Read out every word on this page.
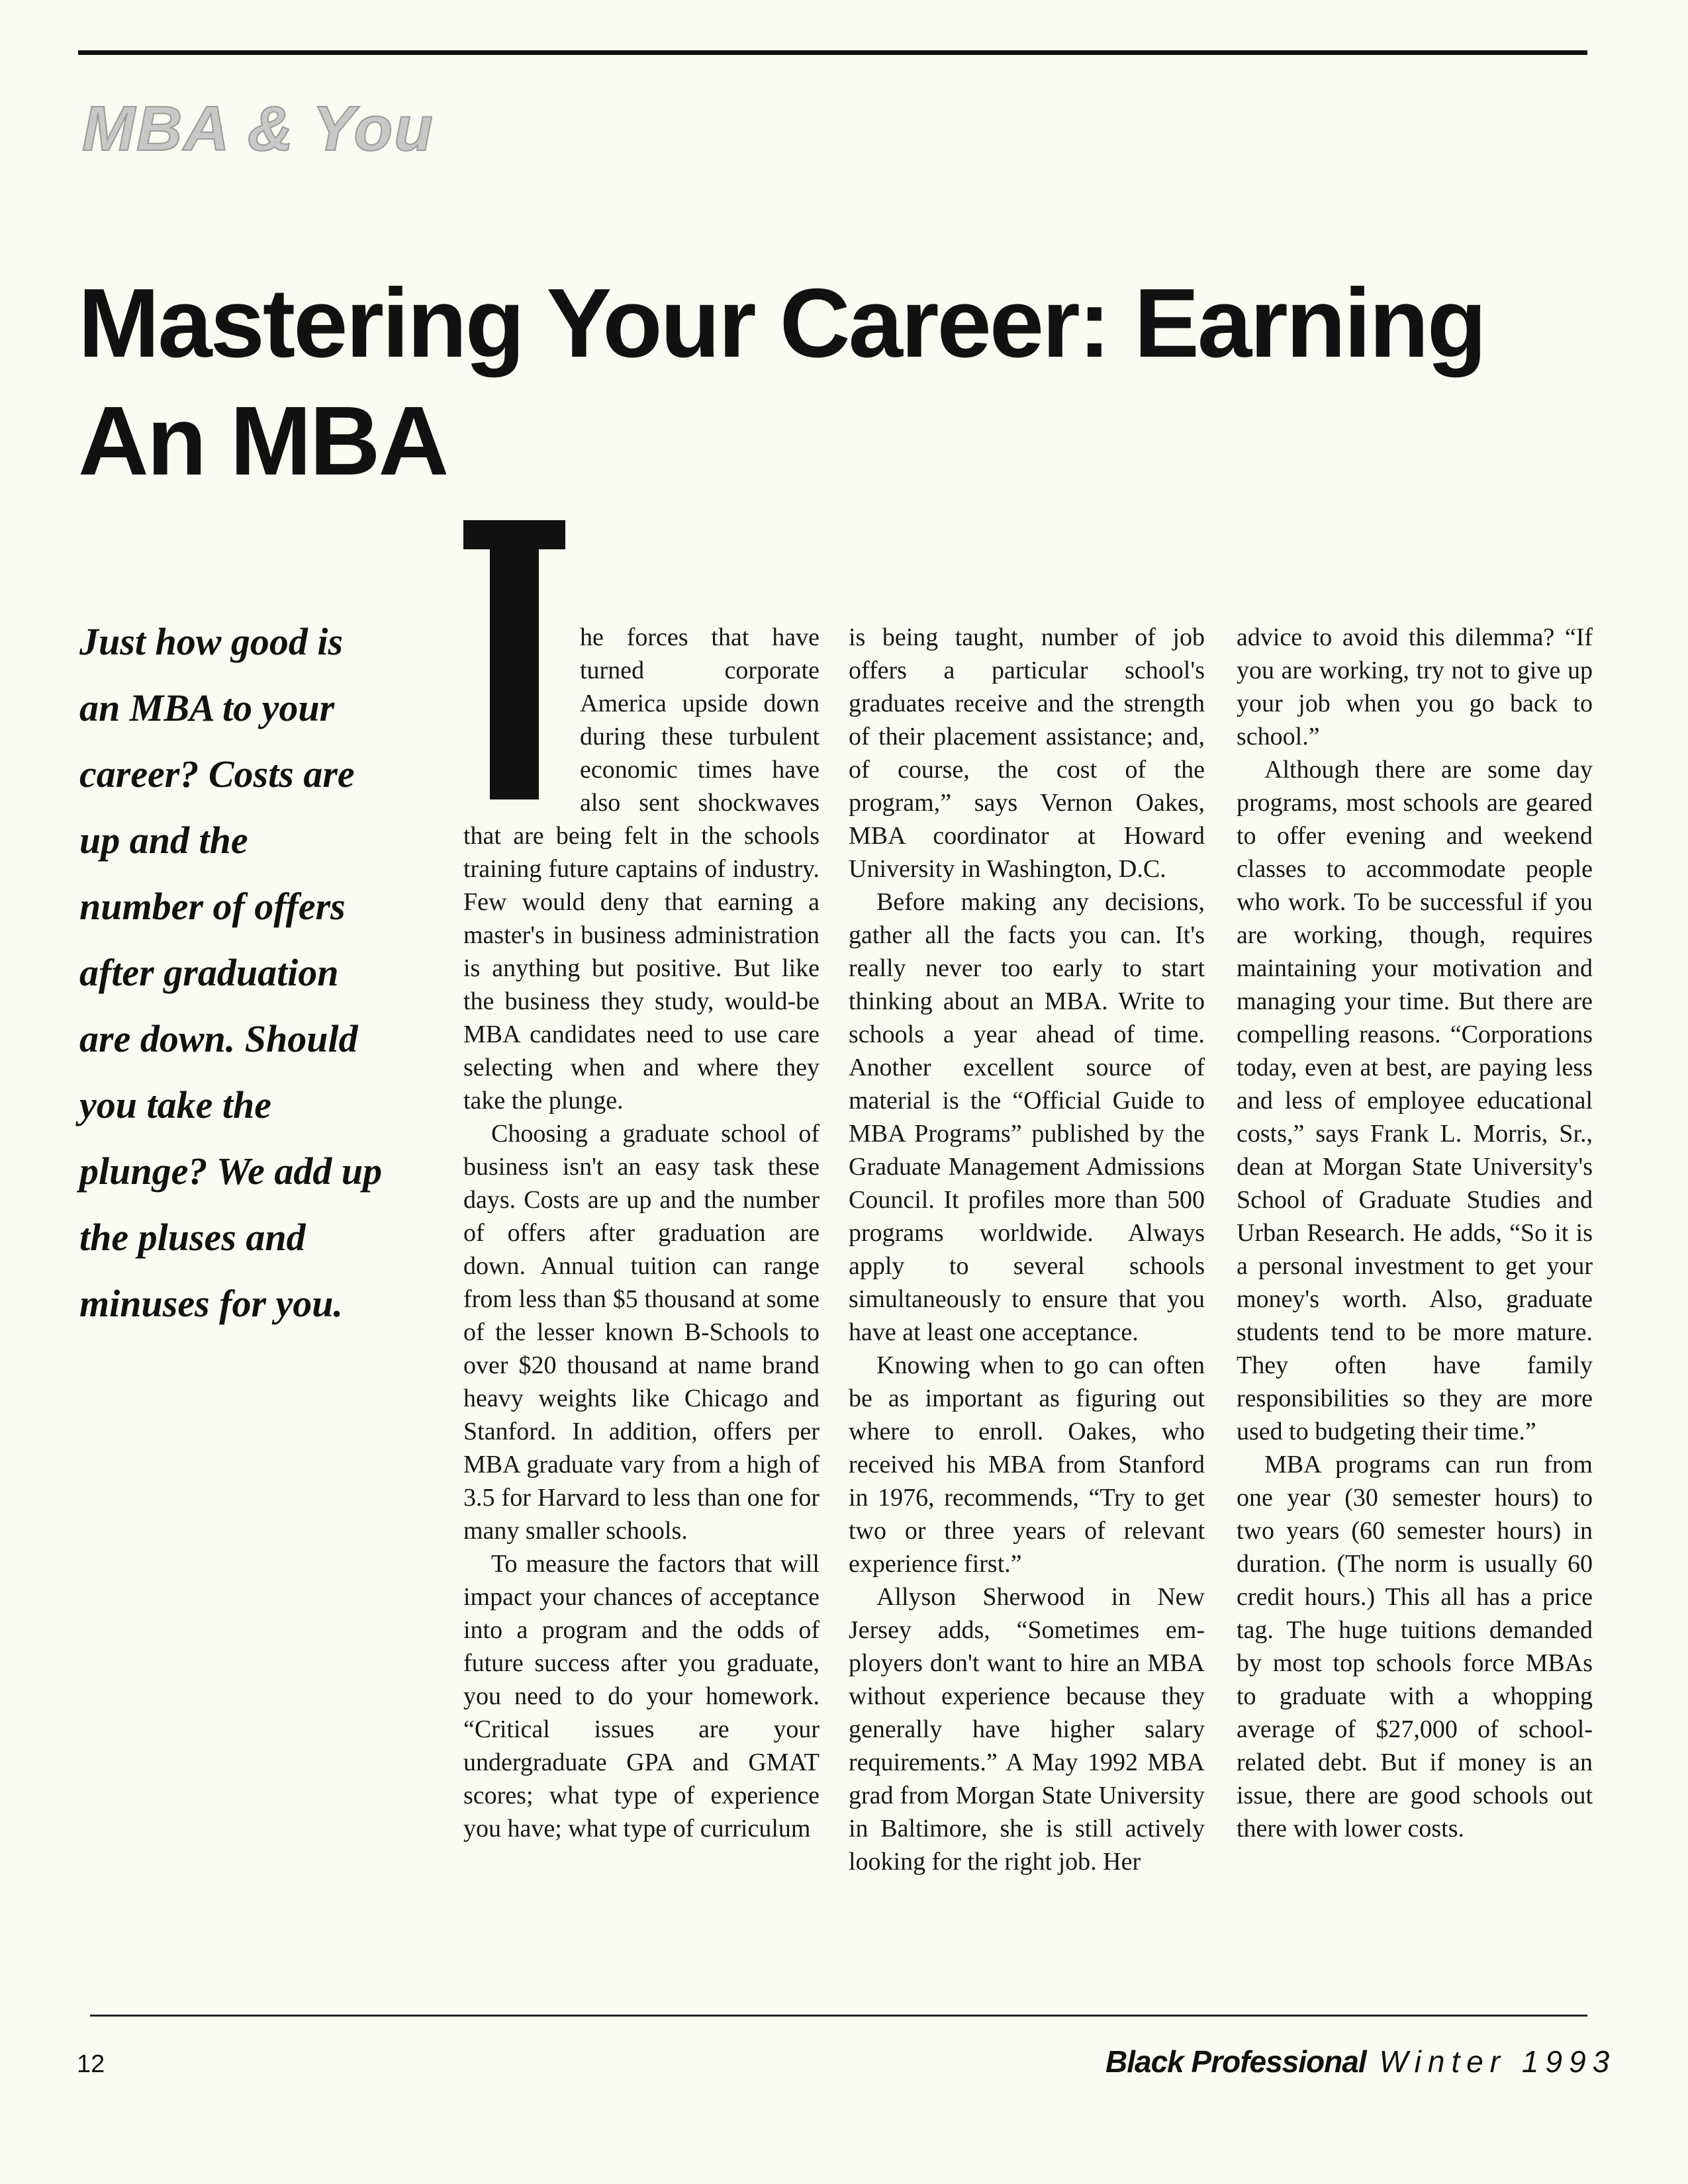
MBA & You
Mastering Your Career: Earning
An MBA
Just how good is
an MBA to your
career? Costs are
up and the
number of offers
after graduation
are down. Should
you take the
plunge? We add up
the pluses and
minuses for you.

he forces that have turned corporate America upside down during these turbulent economic times have also sent shockwaves that are being felt in the schools training future captains of industry. Few would deny that earning a master's in business administration is anything but positive. But like the business they study, would-be MBA candidates need to use care selecting when and where they take the plunge.

Choosing a graduate school of business isn't an easy task these days. Costs are up and the number of offers after graduation are down. Annual tuition can range from less than $5 thousand at some of the lesser known B-Schools to over $20 thousand at name brand heavy weights like Chicago and Stanford. In addition, offers per MBA graduate vary from a high of 3.5 for Harvard to less than one for many smaller schools.

To measure the factors that will impact your chances of acceptance into a program and the odds of future success after you graduate, you need to do your homework. “Critical issues are your undergraduate GPA and GMAT scores; what type of experience you have; what type of curriculum

is being taught, number of job offers a particular school's graduates receive and the strength of their placement assistance; and, of course, the cost of the program,” says Vernon Oakes, MBA coordinator at Howard University in Washington, D.C.

Before making any decisions, gather all the facts you can. It's really never too early to start thinking about an MBA. Write to schools a year ahead of time. Another excellent source of material is the “Official Guide to MBA Programs” published by the Graduate Management Admissions Council. It profiles more than 500 programs worldwide. Always apply to several schools simultaneously to ensure that you have at least one acceptance.

Knowing when to go can often be as important as figuring out where to enroll. Oakes, who received his MBA from Stanford in 1976, recommends, “Try to get two or three years of relevant experience first.”

Allyson Sherwood in New Jersey adds, “Sometimes employers don't want to hire an MBA without experience because they generally have higher salary requirements.” A May 1992 MBA grad from Morgan State University in Baltimore, she is still actively looking for the right job. Her

advice to avoid this dilemma? “If you are working, try not to give up your job when you go back to school.”

Although there are some day programs, most schools are geared to offer evening and weekend classes to accommodate people who work. To be successful if you are working, though, requires maintaining your motivation and managing your time. But there are compelling reasons. “Corporations today, even at best, are paying less and less of employee educational costs,” says Frank L. Morris, Sr., dean at Morgan State University's School of Graduate Studies and Urban Research. He adds, “So it is a personal investment to get your money's worth. Also, graduate students tend to be more mature. They often have family responsibilities so they are more used to budgeting their time.”

MBA programs can run from one year (30 semester hours) to two years (60 semester hours) in duration. (The norm is usually 60 credit hours.) This all has a price tag. The huge tuitions demanded by most top schools force MBAs to graduate with a whopping average of $27,000 of school-related debt. But if money is an issue, there are good schools out there with lower costs.

12	Black Professional Winter 1993
